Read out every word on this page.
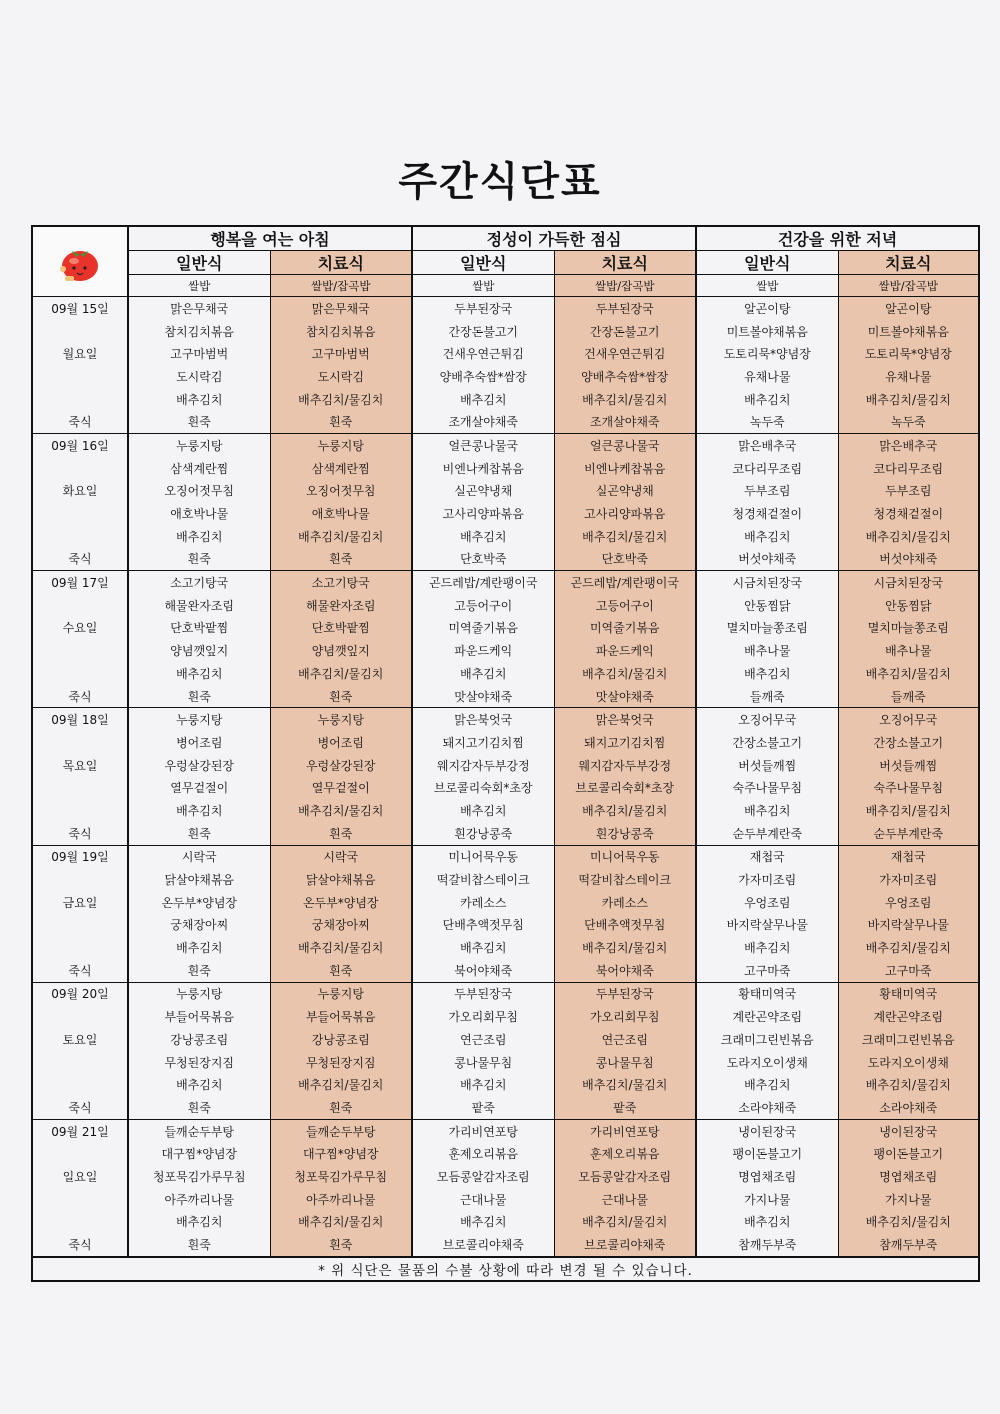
주간식단표
	행복을 여는 아침		정성이 가득한 점심		건강을 위한 저녁	
	일반식	치료식	일반식	치료식	일반식	치료식
	쌀밥	쌀밥/잡곡밥	쌀밥	쌀밥/잡곡밥	쌀밥	쌀밥/잡곡밥
09월 15일	맑은무채국	맑은무채국	두부된장국	두부된장국	알곤이탕	알곤이탕
	참치김치볶음	참치김치볶음	간장돈불고기	간장돈불고기	미트볼야채볶음	미트볼야채볶음
월요일	고구마범벅	고구마범벅	건새우연근튀김	건새우연근튀김	도토리묵*양념장	도토리묵*양념장
	도시락김	도시락김	양배추숙쌈*쌈장	양배추숙쌈*쌈장	유채나물	유채나물
	배추김치	배추김치/물김치	배추김치	배추김치/물김치	배추김치	배추김치/물김치
죽식	흰죽	흰죽	조개살야채죽	조개살야채죽	녹두죽	녹두죽
09월 16일	누룽지탕	누룽지탕	얼큰콩나물국	얼큰콩나물국	맑은배추국	맑은배추국
	삼색계란찜	삼색계란찜	비엔나케찹볶음	비엔나케찹볶음	코다리무조림	코다리무조림
화요일	오징어젓무침	오징어젓무침	실곤약냉채	실곤약냉채	두부조림	두부조림
	애호박나물	애호박나물	고사리양파볶음	고사리양파볶음	청경채겉절이	청경채겉절이
	배추김치	배추김치/물김치	배추김치	배추김치/물김치	배추김치	배추김치/물김치
죽식	흰죽	흰죽	단호박죽	단호박죽	버섯야채죽	버섯야채죽
09월 17일	소고기탕국	소고기탕국	곤드레밥/계란팽이국	곤드레밥/계란팽이국	시금치된장국	시금치된장국
	해물완자조림	해물완자조림	고등어구이	고등어구이	안동찜닭	안동찜닭
수요일	단호박팥찜	단호박팥찜	미역줄기볶음	미역줄기볶음	멸치마늘쫑조림	멸치마늘쫑조림
	양념깻잎지	양념깻잎지	파운드케익	파운드케익	배추나물	배추나물
	배추김치	배추김치/물김치	배추김치	배추김치/물김치	배추김치	배추김치/물김치
죽식	흰죽	흰죽	맛살야채죽	맛살야채죽	들깨죽	들깨죽
09월 18일	누룽지탕	누룽지탕	맑은북엇국	맑은북엇국	오징어무국	오징어무국
	병어조림	병어조림	돼지고기김치찜	돼지고기김치찜	간장소불고기	간장소불고기
목요일	우렁살강된장	우렁살강된장	웨지감자두부강정	웨지감자두부강정	버섯들깨찜	버섯들깨찜
	열무겉절이	열무겉절이	브로콜리숙회*초장	브로콜리숙회*초장	숙주나물무침	숙주나물무침
	배추김치	배추김치/물김치	배추김치	배추김치/물김치	배추김치	배추김치/물김치
죽식	흰죽	흰죽	흰강낭콩죽	흰강낭콩죽	순두부계란죽	순두부계란죽
09월 19일	시락국	시락국	미니어묵우동	미니어묵우동	재첩국	재첩국
	닭살야채볶음	닭살야채볶음	떡갈비찹스테이크	떡갈비찹스테이크	가자미조림	가자미조림
금요일	온두부*양념장	온두부*양념장	카레소스	카레소스	우엉조림	우엉조림
	궁채장아찌	궁채장아찌	단배추액젓무침	단배추액젓무침	바지락살무나물	바지락살무나물
	배추김치	배추김치/물김치	배추김치	배추김치/물김치	배추김치	배추김치/물김치
죽식	흰죽	흰죽	북어야채죽	북어야채죽	고구마죽	고구마죽
09월 20일	누룽지탕	누룽지탕	두부된장국	두부된장국	황태미역국	황태미역국
	부들어묵볶음	부들어묵볶음	가오리회무침	가오리회무침	계란곤약조림	계란곤약조림
토요일	강낭콩조림	강낭콩조림	연근조림	연근조림	크래미그린빈볶음	크래미그린빈볶음
	무청된장지짐	무청된장지짐	콩나물무침	콩나물무침	도라지오이생채	도라지오이생채
	배추김치	배추김치/물김치	배추김치	배추김치/물김치	배추김치	배추김치/물김치
죽식	흰죽	흰죽	팥죽	팥죽	소라야채죽	소라야채죽
09월 21일	들깨순두부탕	들깨순두부탕	가리비연포탕	가리비연포탕	냉이된장국	냉이된장국
	대구찜*양념장	대구찜*양념장	훈제오리볶음	훈제오리볶음	팽이돈불고기	팽이돈불고기
일요일	청포묵김가루무침	청포묵김가루무침	모듬콩알감자조림	모듬콩알감자조림	명엽채조림	명엽채조림
	아주까리나물	아주까리나물	근대나물	근대나물	가지나물	가지나물
	배추김치	배추김치/물김치	배추김치	배추김치/물김치	배추김치	배추김치/물김치
죽식	흰죽	흰죽	브로콜리야채죽	브로콜리야채죽	참깨두부죽	참깨두부죽
* 위 식단은 물품의 수불 상황에 따라 변경 될 수 있습니다.						
